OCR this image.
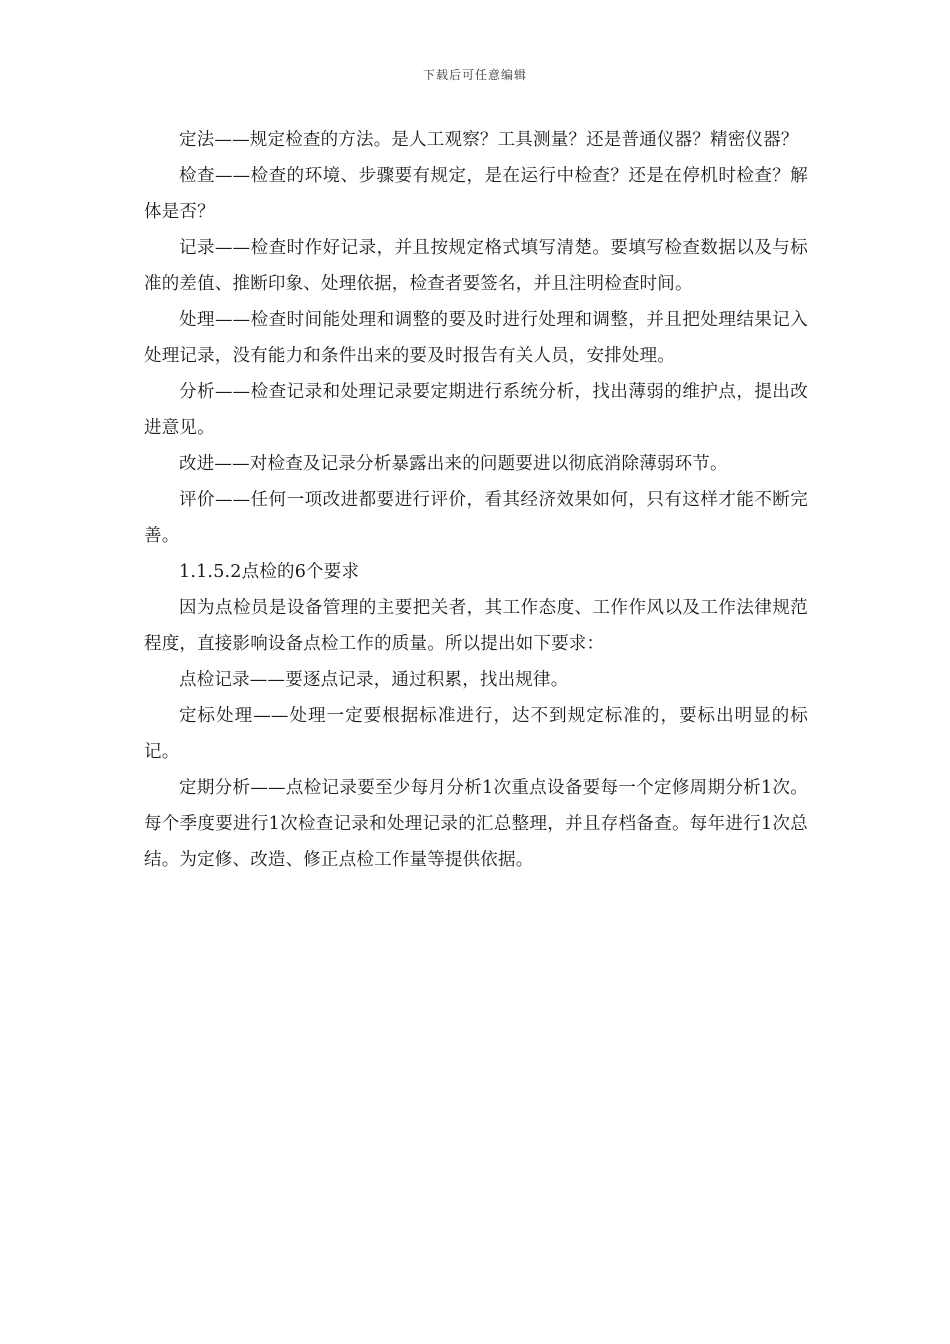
下载后可任意编辑

定法——规定检查的方法。是人工观察？工具测量？还是普通仪器？精密仪器？

检查——检查的环境、步骤要有规定，是在运行中检查？还是在停机时检查？解体是否？

记录——检查时作好记录，并且按规定格式填写清楚。要填写检查数据以及与标准的差值、推断印象、处理依据，检查者要签名，并且注明检查时间。

处理——检查时间能处理和调整的要及时进行处理和调整，并且把处理结果记入处理记录，没有能力和条件出来的要及时报告有关人员，安排处理。

分析——检查记录和处理记录要定期进行系统分析，找出薄弱的维护点，提出改进意见。

改进——对检查及记录分析暴露出来的问题要进以彻底消除薄弱环节。

评价——任何一项改进都要进行评价，看其经济效果如何，只有这样才能不断完善。

1.1.5.2点检的6个要求

因为点检员是设备管理的主要把关者，其工作态度、工作作风以及工作法律规范程度，直接影响设备点检工作的质量。所以提出如下要求：

点检记录——要逐点记录，通过积累，找出规律。

定标处理——处理一定要根据标准进行，达不到规定标准的，要标出明显的标记。

定期分析——点检记录要至少每月分析1次重点设备要每一个定修周期分析1次。每个季度要进行1次检查记录和处理记录的汇总整理，并且存档备查。每年进行1次总结。为定修、改造、修正点检工作量等提供依据。
